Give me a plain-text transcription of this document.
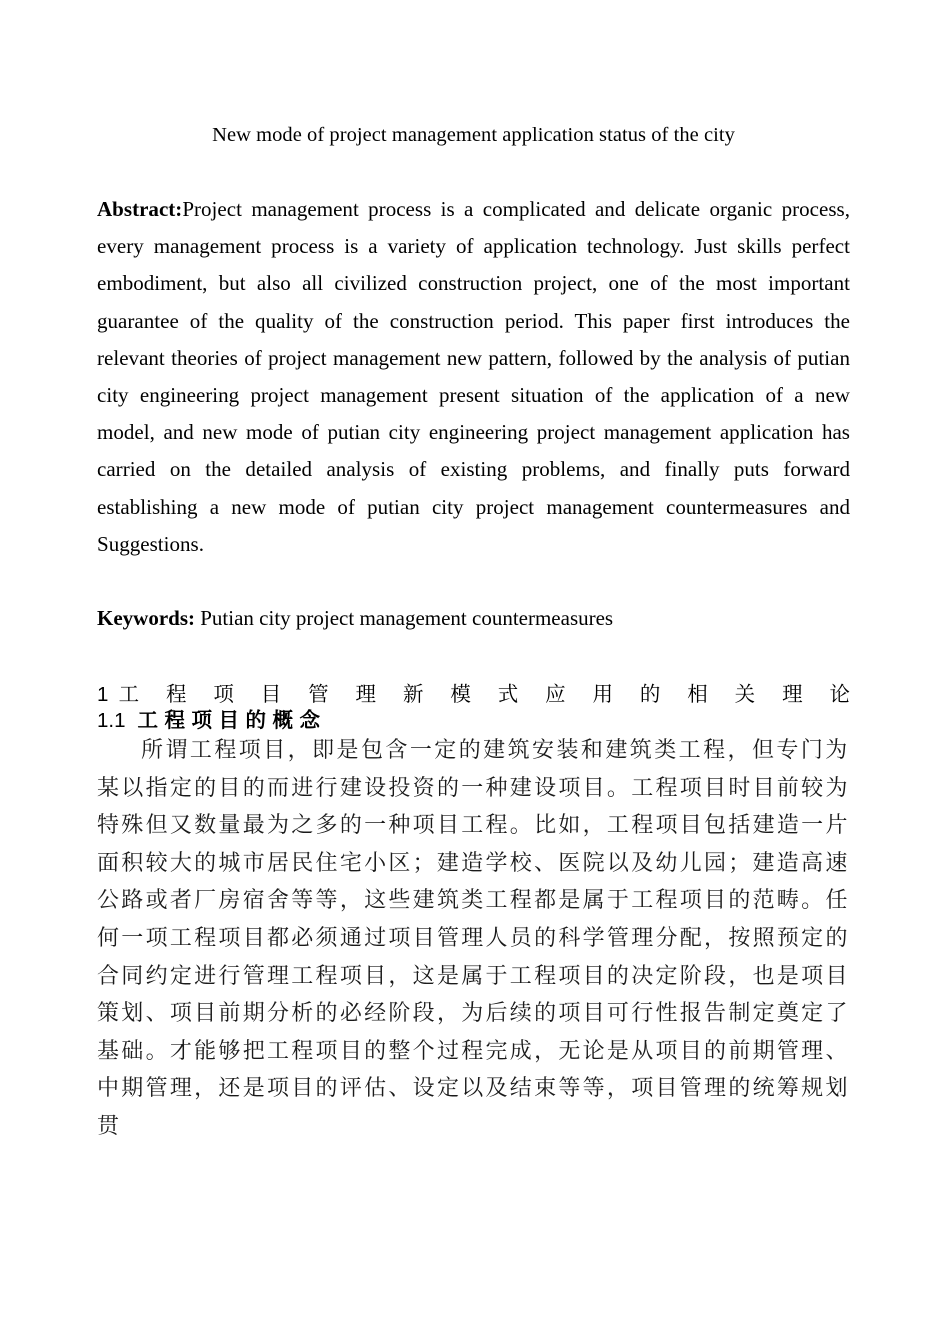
New mode of project management application status of the city

Abstract:Project management process is a complicated and delicate organic process, every management process is a variety of application technology. Just skills perfect embodiment, but also all civilized construction project, one of the most important guarantee of the quality of the construction period. This paper first introduces the relevant theories of project management new pattern, followed by the analysis of putian city engineering project management present situation of the application of a new model, and new mode of putian city engineering project management application has carried on the detailed analysis of existing problems, and finally puts forward establishing a new mode of putian city project management countermeasures and Suggestions.

Keywords: Putian city project management countermeasures

1工 程 项 目 管 理 新 模 式 应 用 的 相 关 理 论
1.1 工程项目的概念

所  谓  工  程  项  目  ，  即  是  包  含  一  定  的  建  筑  安  装  和  建  筑  类  工  程  ，  但  专  门  为 某  以  指  定  的  目  的  而  进  行  建  设  投  资  的  一  种  建  设  项  目  。  工  程  项  目  时  目  前  较  为 特  殊  但  又  数  量  最  为  之  多  的  一  种  项  目  工  程  。  比  如  ，  工  程  项  目  包  括  建  造  一  片 面  积  较  大  的  城  市  居  民  住  宅  小  区  ；  建  造  学  校  、  医  院  以  及  幼  儿  园  ；  建  造  高  速 公  路  或  者  厂  房  宿  舍  等  等  ，  这  些  建  筑  类  工  程  都  是  属  于  工  程  项  目  的  范  畴  。  任 何  一  项  工  程  项  目  都  必  须  通  过  项  目  管  理  人  员  的  科  学  管  理  分  配  ，  按  照  预  定  的 合  同  约  定  进  行  管  理  工  程  项  目  ，  这  是  属  于  工  程  项  目  的  决  定  阶  段  ，  也  是  项  目 策  划  、  项  目  前  期  分  析  的  必  经  阶  段  ，  为  后  续  的  项  目  可  行  性  报  告  制  定  奠  定  了 基  础  。  才  能  够  把  工  程  项  目  的  整  个  过  程  完  成  ，  无  论  是  从  项  目  的  前  期  管  理  、 中  期  管  理  ，  还  是  项  目  的  评  估  、  设  定  以  及  结  束  等  等  ，  项  目  管  理  的  统  筹  规  划 贯 
